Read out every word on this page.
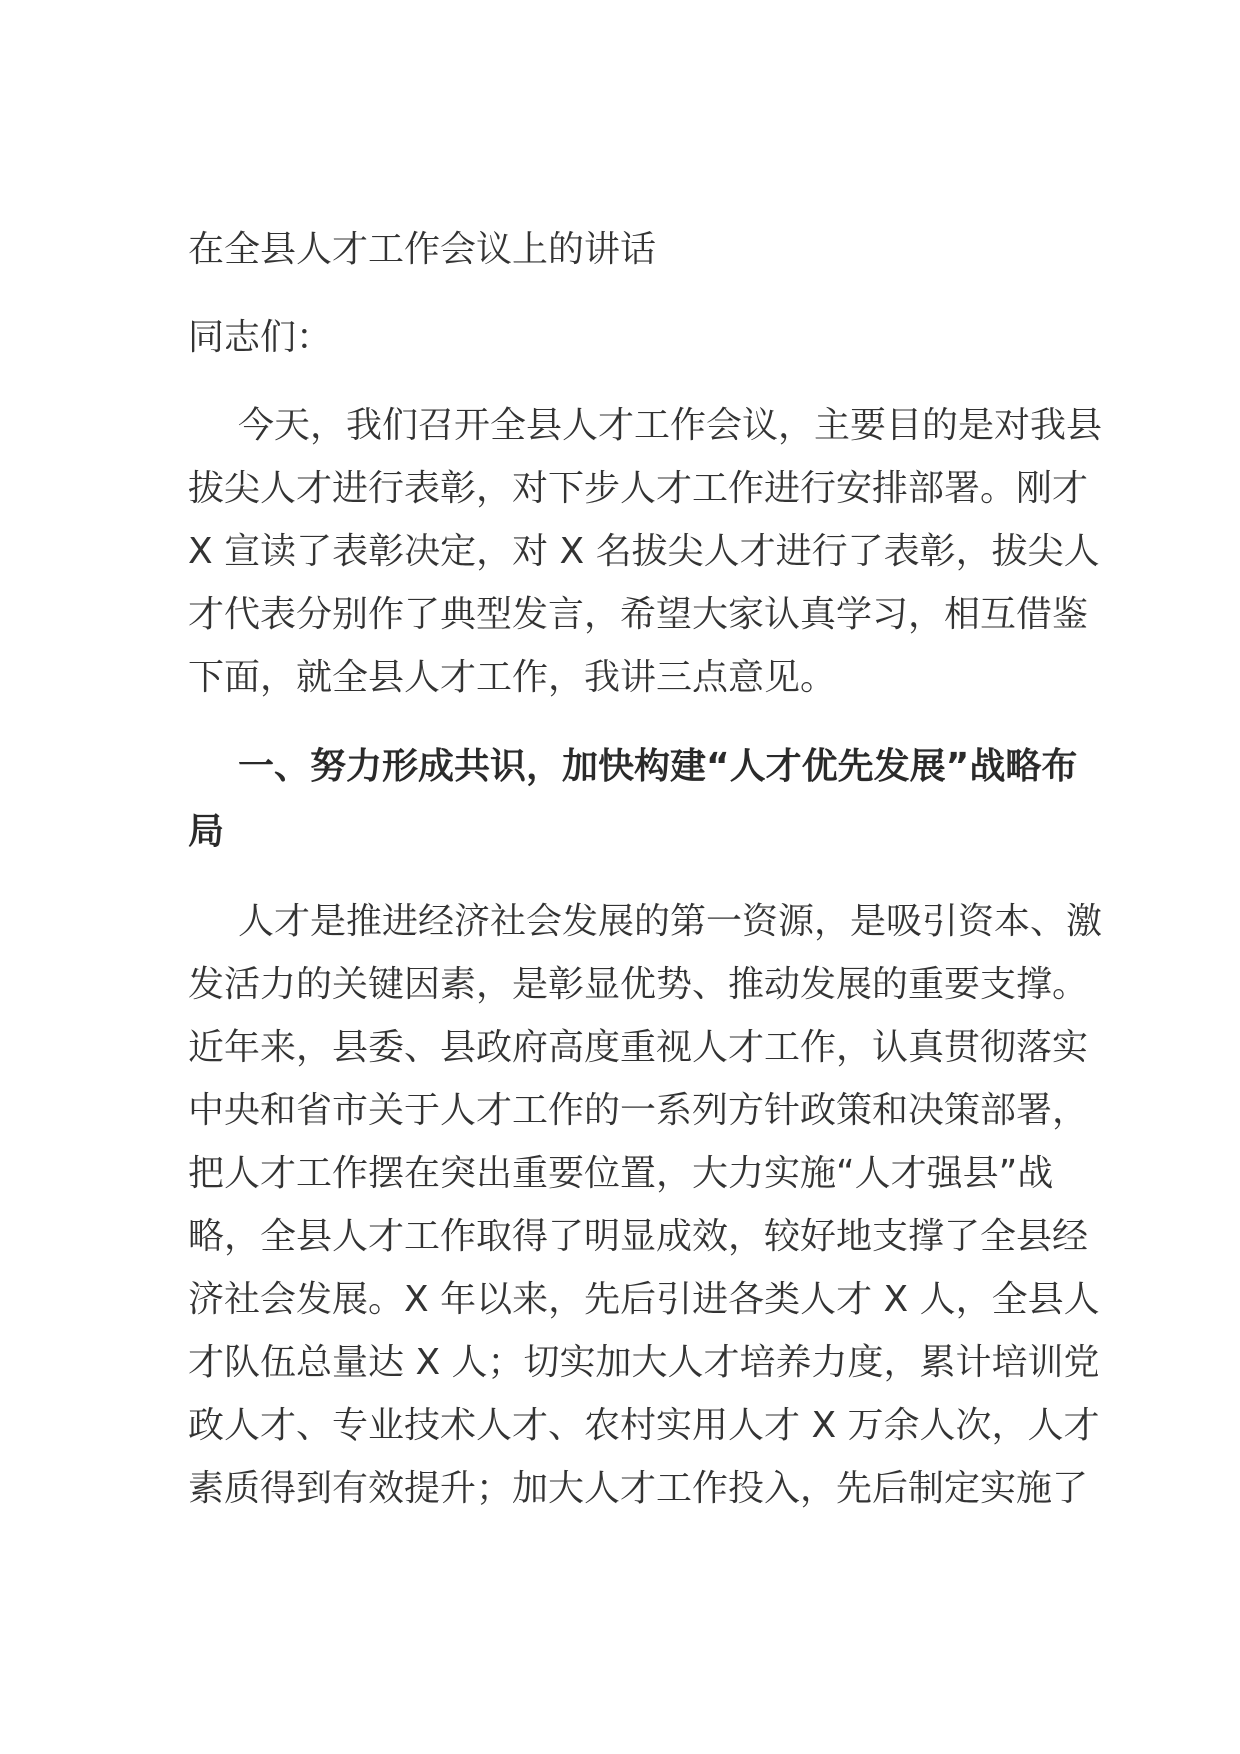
在全县人才工作会议上的讲话
同志们：
今天，我们召开全县人才工作会议，主要目的是对我县
拔尖人才进行表彰，对下步人才工作进行安排部署。刚才
X 宣读了表彰决定，对 X 名拔尖人才进行了表彰，拔尖人
才代表分别作了典型发言，希望大家认真学习，相互借鉴
下面，就全县人才工作，我讲三点意见。
一、努力形成共识，加快构建“人才优先发展”战略布
局
人才是推进经济社会发展的第一资源，是吸引资本、激
发活力的关键因素，是彰显优势、推动发展的重要支撑。
近年来，县委、县政府高度重视人才工作，认真贯彻落实
中央和省市关于人才工作的一系列方针政策和决策部署，
把人才工作摆在突出重要位置，大力实施“人才强县”战
略，全县人才工作取得了明显成效，较好地支撑了全县经
济社会发展。X 年以来，先后引进各类人才 X 人，全县人
才队伍总量达 X 人；切实加大人才培养力度，累计培训党
政人才、专业技术人才、农村实用人才 X 万余人次，人才
素质得到有效提升；加大人才工作投入，先后制定实施了
